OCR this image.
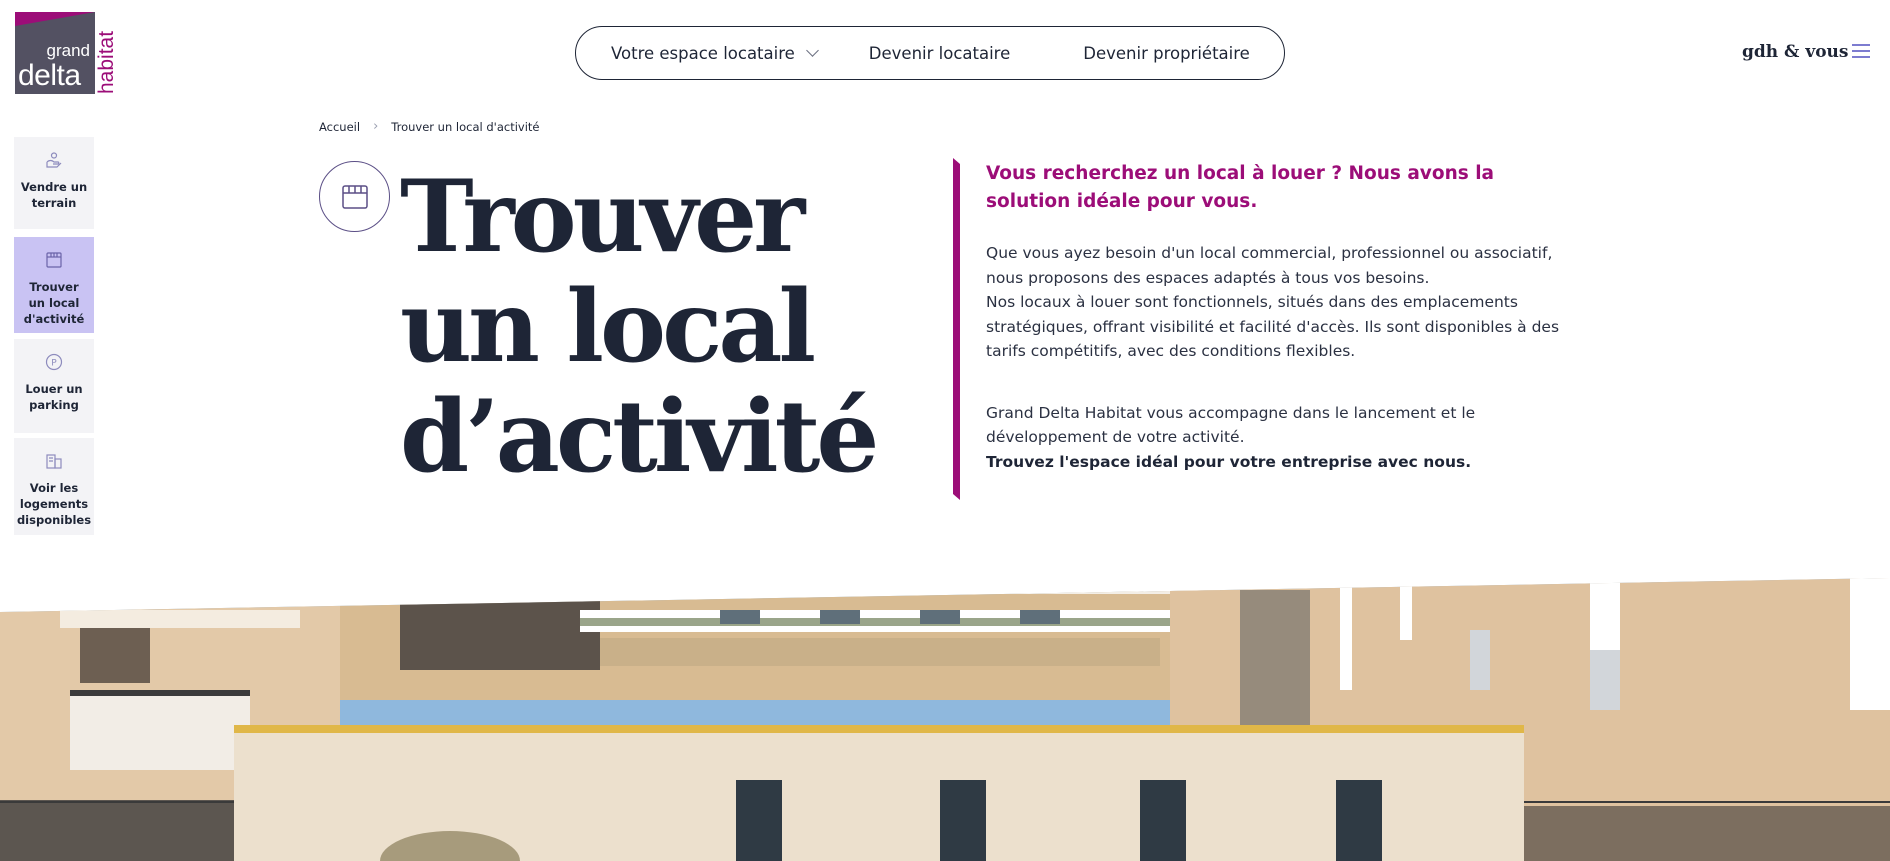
grand
delta habitat	Votre espace locataire	Devenir locataire	Devenir propriétaire	gdh & vous
Vendre un terrain
Trouver un local d'activité
P
Louer un parking
Voir les logements disponibles
Accueil › Trouver un local d'activité
Trouver un local d’activité

Vous recherchez un local à louer ? Nous avons la solution idéale pour vous.

Que vous ayez besoin d'un local commercial, professionnel ou associatif, nous proposons des espaces adaptés à tous vos besoins.
Nos locaux à louer sont fonctionnels, situés dans des emplacements stratégiques, offrant visibilité et facilité d'accès. Ils sont disponibles à des tarifs compétitifs, avec des conditions flexibles.

Grand Delta Habitat vous accompagne dans le lancement et le développement de votre activité.
Trouvez l'espace idéal pour votre entreprise avec nous.
